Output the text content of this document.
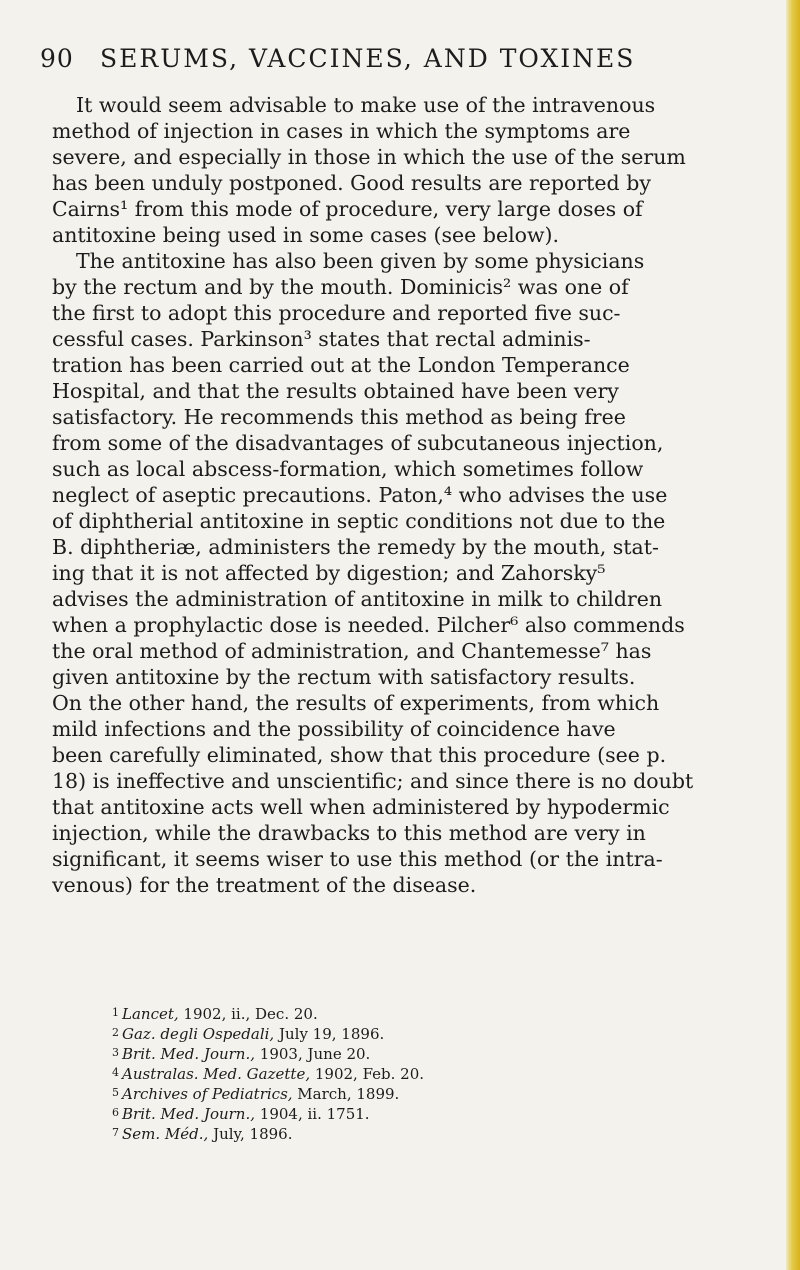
90 SERUMS, VACCINES, AND TOXINES
It would seem advisable to make use of the intravenous
method of injection in cases in which the symptoms are
severe, and especially in those in which the use of the serum
has been unduly postponed. Good results are reported by
Cairns¹ from this mode of procedure, very large doses of
antitoxine being used in some cases (see below).
The antitoxine has also been given by some physicians
by the rectum and by the mouth. Dominicis² was one of
the first to adopt this procedure and reported five suc-
cessful cases. Parkinson³ states that rectal adminis-
tration has been carried out at the London Temperance
Hospital, and that the results obtained have been very
satisfactory. He recommends this method as being free
from some of the disadvantages of subcutaneous injection,
such as local abscess-formation, which sometimes follow
neglect of aseptic precautions. Paton,⁴ who advises the use
of diphtherial antitoxine in septic conditions not due to the
B. diphtheriæ, administers the remedy by the mouth, stat-
ing that it is not affected by digestion; and Zahorsky⁵
advises the administration of antitoxine in milk to children
when a prophylactic dose is needed. Pilcher⁶ also commends
the oral method of administration, and Chantemesse⁷ has
given antitoxine by the rectum with satisfactory results.
On the other hand, the results of experiments, from which
mild infections and the possibility of coincidence have
been carefully eliminated, show that this procedure (see p.
18) is ineffective and unscientific; and since there is no doubt
that antitoxine acts well when administered by hypodermic
injection, while the drawbacks to this method are very in
significant, it seems wiser to use this method (or the intra-
venous) for the treatment of the disease.
1 Lancet, 1902, ii., Dec. 20.
2 Gaz. degli Ospedali, July 19, 1896.
3 Brit. Med. Journ., 1903, June 20.
4 Australas. Med. Gazette, 1902, Feb. 20.
5 Archives of Pediatrics, March, 1899.
6 Brit. Med. Journ., 1904, ii. 1751.
7 Sem. Méd., July, 1896.
